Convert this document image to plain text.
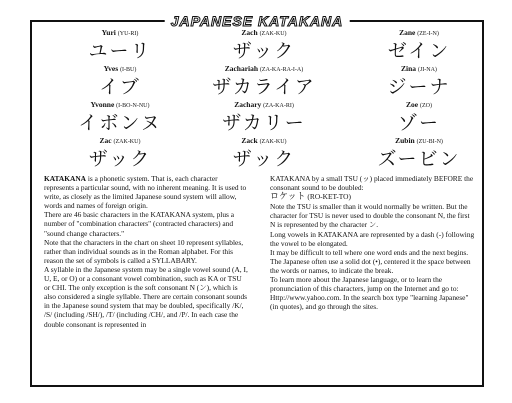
JAPANESE KATAKANA
Yuri (YU-RI)
ユーリ
Yves (I-BU)
イブ
Yvonne (I-BO-N-NU)
イボンヌ
Zac (ZAK-KU)
ザック
Zach (ZAK-KU)
ザック
Zachariah (ZA-KA-RA-I-A)
ザカライア
Zachary (ZA-KA-RI)
ザカリー
Zack (ZAK-KU)
ザック
Zane (ZE-I-N)
ゼイン
Zina (JI-NA)
ジーナ
Zoe (ZO)
ゾー
Zubin (ZU-BI-N)
ズービン

KATAKANA is a phonetic system. That is, each character represents a particular sound, with no inherent meaning. It is used to write, as closely as the limited Japanese sound system will allow, words and names of foreign origin.

There are 46 basic characters in the KATAKANA system, plus a number of "combination characters" (contracted characters) and "sound change characters."

Note that the characters in the chart on sheet 10 represent syllables, rather than individual sounds as in the Roman alphabet. For this reason the set of symbols is called a SYLLABARY.

A syllable in the Japanese system may be a single vowel sound (A, I, U, E, or O) or a consonant vowel combination, such as KA or TSU or CHI. The only exception is the soft consonant N (ン), which is also considered a single syllable. There are certain consonant sounds in the Japanese sound system that may be doubled, specifically /K/, /S/ (including /SH/), /T/ (including /CH/, and /P/. In each case the double consonant is represented in

KATAKANA by a small TSU (ッ) placed immediately BEFORE the consonant sound to be doubled:

ロケット (RO-KET-TO)

Note the TSU is smaller than it would normally be written. But the character for TSU is never used to double the consonant N, the first N is represented by the character ン.

Long vowels in KATAKANA are represented by a dash (-) following the vowel to be elongated.

It may be difficult to tell where one word ends and the next begins. The Japanese often use a solid dot (•), centered it the space between the words or names, to indicate the break.

To learn more about the Japanese language, or to learn the pronunciation of this characters, jump on the Internet and go to: Http://www.yahoo.com. In the search box type "learning Japanese" (in quotes), and go through the sites.
